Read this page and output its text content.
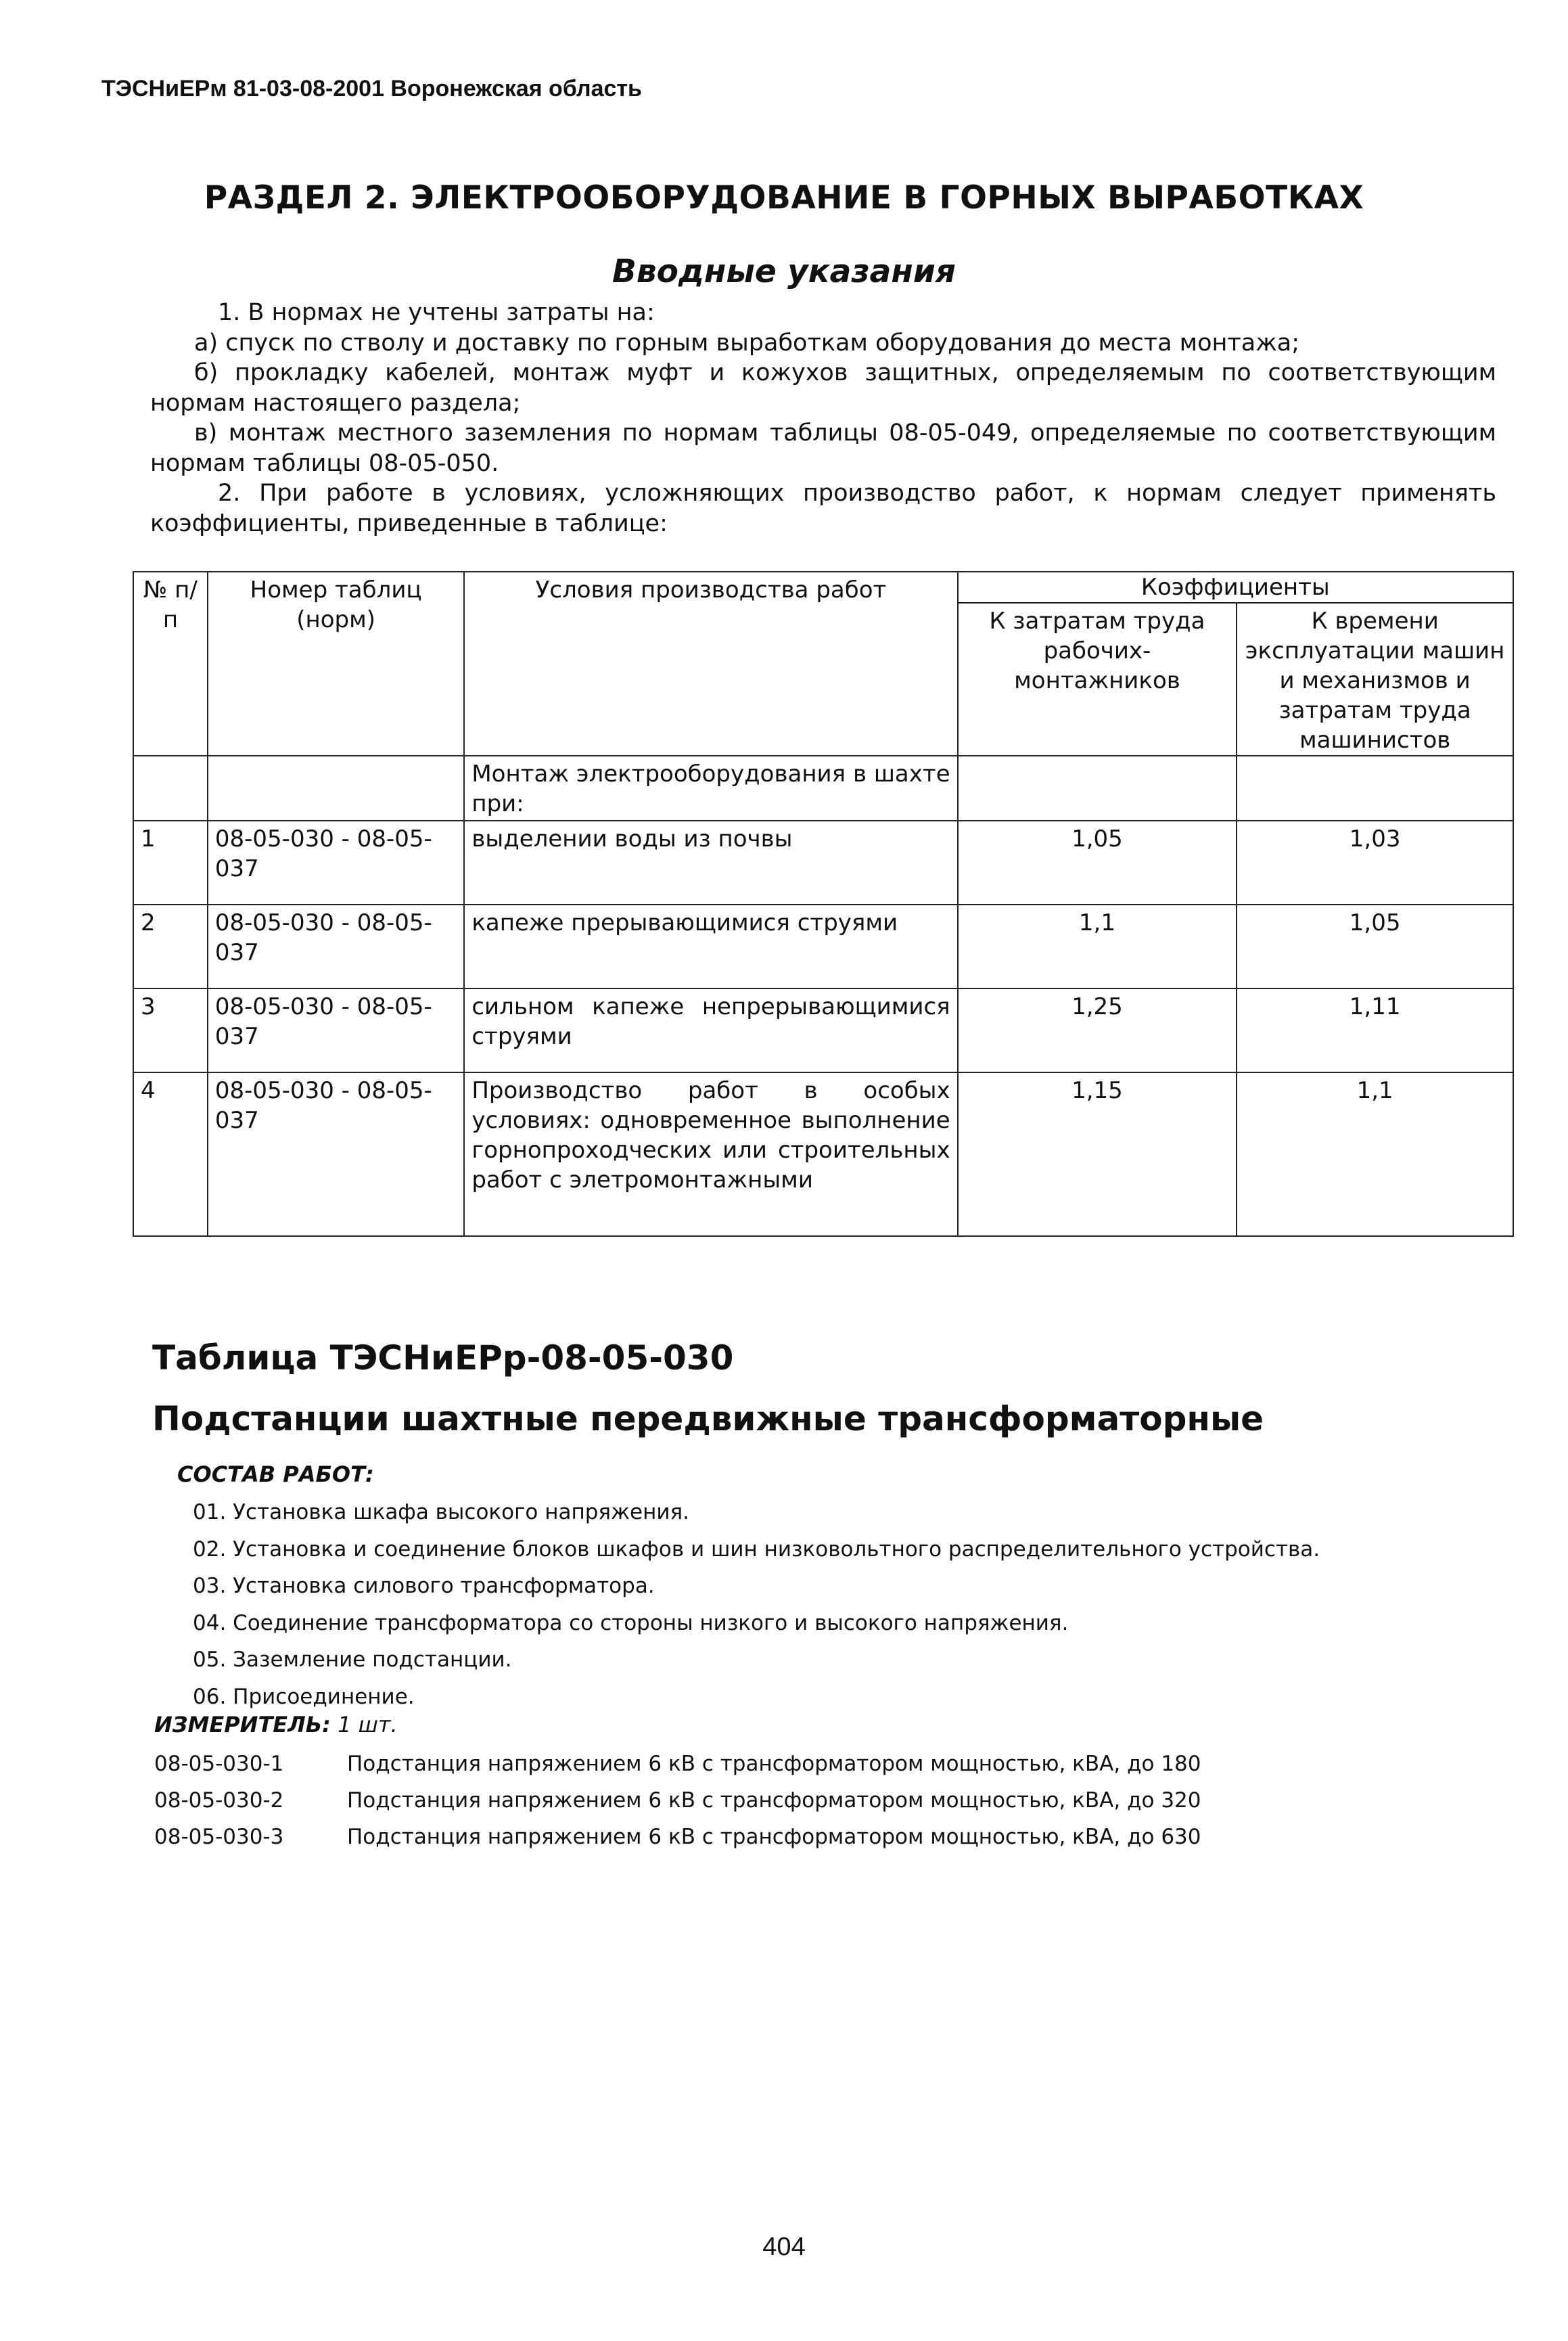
ТЭСНиЕРм 81-03-08-2001 Воронежская область
РАЗДЕЛ 2. ЭЛЕКТРООБОРУДОВАНИЕ В ГОРНЫХ ВЫРАБОТКАХ
Вводные указания

1. В нормах не учтены затраты на:

а) спуск по стволу и доставку по горным выработкам оборудования до места монтажа;

б) прокладку кабелей, монтаж муфт и кожухов защитных, определяемым по соответствующим нормам настоящего раздела;

в) монтаж местного заземления по нормам таблицы 08-05-049, определяемые по соответствующим нормам таблицы 08-05-050.

2. При работе в условиях, усложняющих производство работ, к нормам следует применять коэффициенты, приведенные в таблице:

№ п/п	Номер таблиц (норм)	Условия производства работ	Коэффициенты	
			К затратам труда рабочих-монтажников	К времени эксплуатации машин и механизмов и затратам труда машинистов
		Монтаж электрооборудования в шахте при:		
1	08-05-030 - 08-05-037	выделении воды из почвы	1,05	1,03
2	08-05-030 - 08-05-037	капеже прерывающимися струями	1,1	1,05
3	08-05-030 - 08-05-037	сильном капеже непрерывающимися струями	1,25	1,11
4	08-05-030 - 08-05-037	Производство работ в особых условиях: одновременное выполнение горнопроходческих или строительных работ с элетромонтажными	1,15	1,1
Таблица ТЭСНиЕРр-08-05-030
Подстанции шахтные передвижные трансформаторные
СОСТАВ РАБОТ:
01. Установка шкафа высокого напряжения.
02. Установка и соединение блоков шкафов и шин низковольтного распределительного устройства.
03. Установка силового трансформатора.
04. Соединение трансформатора со стороны низкого и высокого напряжения.
05. Заземление подстанции.
06. Присоединение.
ИЗМЕРИТЕЛЬ: 1 шт.
08-05-030-1	Подстанция напряжением 6 кВ с трансформатором мощностью, кВА, до 180
08-05-030-2	Подстанция напряжением 6 кВ с трансформатором мощностью, кВА, до 320
08-05-030-3	Подстанция напряжением 6 кВ с трансформатором мощностью, кВА, до 630
404
